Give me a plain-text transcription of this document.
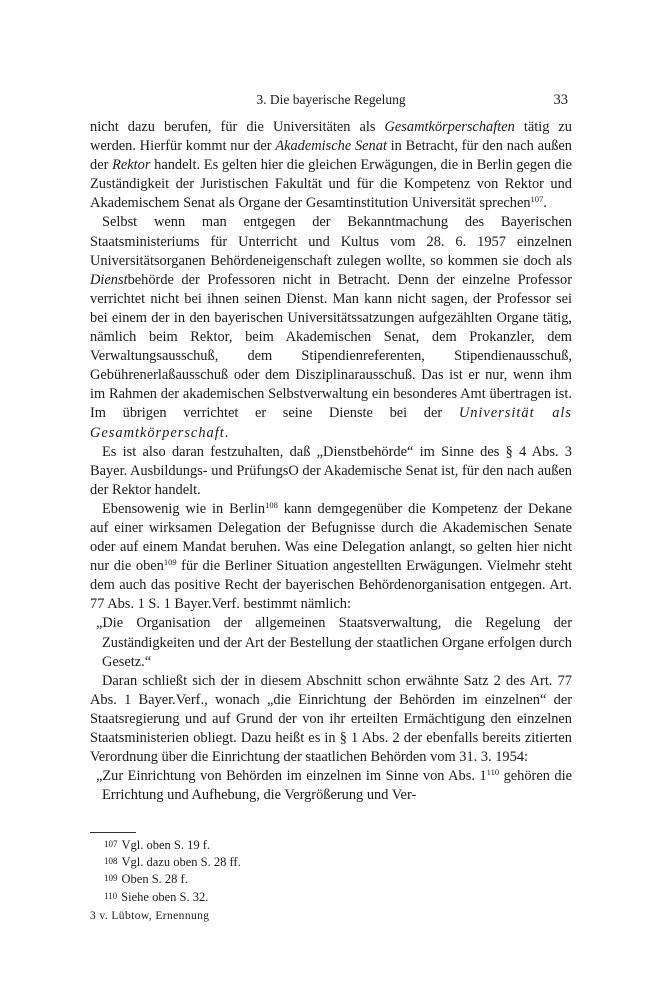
3. Die bayerische Regelung	33

nicht dazu berufen, für die Universitäten als Gesamtkörperschaften tätig zu werden. Hierfür kommt nur der Akademische Senat in Betracht, für den nach außen der Rektor handelt. Es gelten hier die gleichen Erwägungen, die in Berlin gegen die Zuständigkeit der Juristischen Fakultät und für die Kompetenz von Rektor und Akademischem Senat als Organe der Gesamtinstitution Universität sprechen$^{107}$.

Selbst wenn man entgegen der Bekanntmachung des Bayerischen Staatsministeriums für Unterricht und Kultus vom 28. 6. 1957 einzelnen Universitätsorganen Behördeneigenschaft zulegen wollte, so kommen sie doch als Dienstbehörde der Professoren nicht in Betracht. Denn der einzelne Professor verrichtet nicht bei ihnen seinen Dienst. Man kann nicht sagen, der Professor sei bei einem der in den bayerischen Universitätssatzungen aufgezählten Organe tätig, nämlich beim Rektor, beim Akademischen Senat, dem Prokanzler, dem Verwaltungsausschuß, dem Stipendienreferenten, Stipendienausschuß, Gebührenerlaßausschuß oder dem Disziplinarausschuß. Das ist er nur, wenn ihm im Rahmen der akademischen Selbstverwaltung ein besonderes Amt übertragen ist. Im übrigen verrichtet er seine Dienste bei der Universität als Gesamtkörperschaft.

Es ist also daran festzuhalten, daß „Dienstbehörde“ im Sinne des § 4 Abs. 3 Bayer. Ausbildungs- und PrüfungsO der Akademische Senat ist, für den nach außen der Rektor handelt.

Ebensowenig wie in Berlin$^{108}$ kann demgegenüber die Kompetenz der Dekane auf einer wirksamen Delegation der Befugnisse durch die Akademischen Senate oder auf einem Mandat beruhen. Was eine Delegation anlangt, so gelten hier nicht nur die oben$^{109}$ für die Berliner Situation angestellten Erwägungen. Vielmehr steht dem auch das positive Recht der bayerischen Behördenorganisation entgegen. Art. 77 Abs. 1 S. 1 Bayer.Verf. bestimmt nämlich:

„Die Organisation der allgemeinen Staatsverwaltung, die Regelung der Zuständigkeiten und der Art der Bestellung der staatlichen Organe erfolgen durch Gesetz.“

Daran schließt sich der in diesem Abschnitt schon erwähnte Satz 2 des Art. 77 Abs. 1 Bayer.Verf., wonach „die Einrichtung der Behörden im einzelnen“ der Staatsregierung und auf Grund der von ihr erteilten Ermächtigung den einzelnen Staatsministerien obliegt. Dazu heißt es in § 1 Abs. 2 der ebenfalls bereits zitierten Verordnung über die Einrichtung der staatlichen Behörden vom 31. 3. 1954:

„Zur Einrichtung von Behörden im einzelnen im Sinne von Abs. $1^{110}$ gehören die Errichtung und Aufhebung, die Vergrößerung und Ver-

107 Vgl. oben S. 19 f.
108 Vgl. dazu oben S. 28 ff.
109 Oben S. 28 f.
110 Siehe oben S. 32.
3 v. Lübtow, Ernennung
